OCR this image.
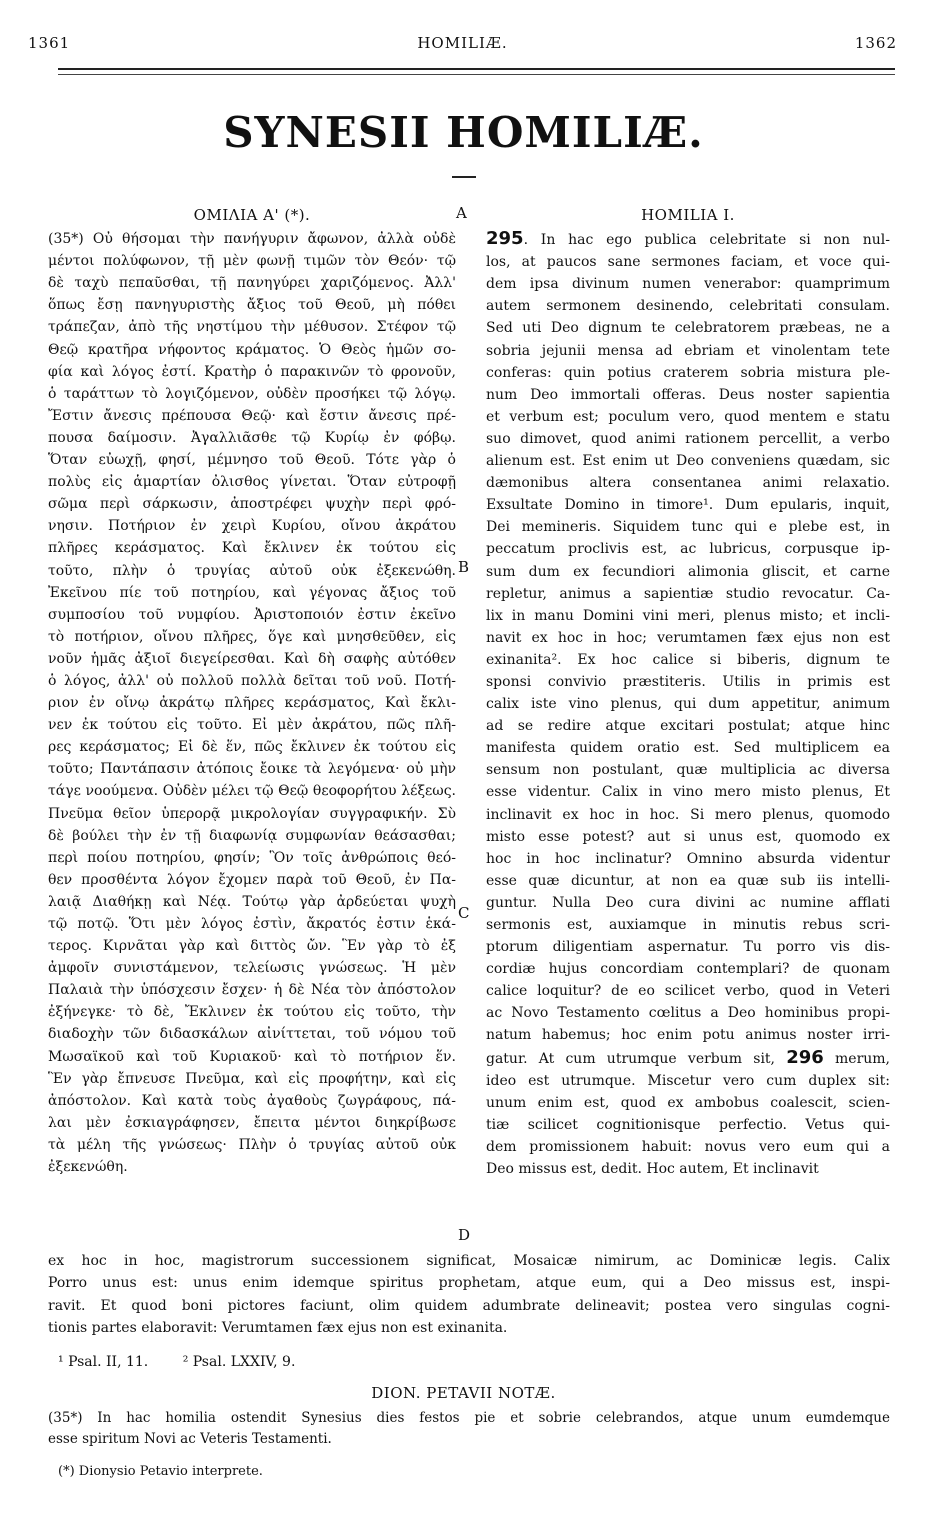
1361	HOMILIÆ.	1362
SYNESII HOMILIÆ.
ΟΜΙΛΙΑ Α' (*).
(35*) Οὐ θήσομαι τὴν πανήγυριν ἄφωνον, ἀλλὰ οὐδὲ
μέντοι πολύφωνον, τῇ μὲν φωνῇ τιμῶν τὸν Θεόν· τῷ
δὲ ταχὺ πεπαῦσθαι, τῇ πανηγύρει χαριζόμενος. Ἀλλ'
ὅπως ἔσῃ πανηγυριστὴς ἄξιος τοῦ Θεοῦ, μὴ πόθει
τράπεζαν, ἀπὸ τῆς νηστίμου τὴν μέθυσον. Στέφον τῷ
Θεῷ κρατῆρα νήφοντος κράματος. Ὁ Θεὸς ἡμῶν σο-
φία καὶ λόγος ἐστί. Κρατὴρ ὁ παρακινῶν τὸ φρονοῦν,
ὁ ταράττων τὸ λογιζόμενον, οὐδὲν προσήκει τῷ λόγῳ.
Ἔστιν ἄνεσις πρέπουσα Θεῷ· καὶ ἔστιν ἄνεσις πρέ-
πουσα δαίμοσιν. Ἀγαλλιᾶσθε τῷ Κυρίῳ ἐν φόβῳ.
Ὅταν εὐωχῇ, φησί, μέμνησο τοῦ Θεοῦ. Τότε γὰρ ὁ
πολὺς εἰς ἁμαρτίαν ὀλισθος γίνεται. Ὅταν εὐτροφῇ
σῶμα περὶ σάρκωσιν, ἀποστρέφει ψυχὴν περὶ φρό-
νησιν. Ποτήριον ἐν χειρὶ Κυρίου, οἴνου ἀκράτου
πλῆρες κεράσματος. Καὶ ἔκλινεν ἐκ τούτου εἰς
τοῦτο, πλὴν ὁ τρυγίας αὐτοῦ οὐκ ἐξεκενώθη.
Ἐκεῖνου πίε τοῦ ποτηρίου, καὶ γέγονας ἄξιος τοῦ
συμποσίου τοῦ νυμφίου. Ἀριστοποιόν ἐστιν ἐκεῖνο
τὸ ποτήριον, οἴνου πλῆρες, ὅγε καὶ μνησθεῦθεν, εἰς
νοῦν ἡμᾶς ἀξιοῖ διεγείρεσθαι. Καὶ δὴ σαφὴς αὐτόθεν
ὁ λόγος, ἀλλ' οὐ πολλοῦ πολλὰ δεῖται τοῦ νοῦ. Ποτή-
ριον ἐν οἴνῳ ἀκράτῳ πλῆρες κεράσματος, Καὶ ἔκλι-
νεν ἐκ τούτου εἰς τοῦτο. Εἰ μὲν ἀκράτου, πῶς πλῆ-
ρες κεράσματος; Εἰ δὲ ἕν, πῶς ἔκλινεν ἐκ τούτου εἰς
τοῦτο; Παντάπασιν ἀτόποις ἔοικε τὰ λεγόμενα· οὐ μὴν
τάγε νοούμενα. Οὐδὲν μέλει τῷ Θεῷ θεοφορήτου λέξεως.
Πνεῦμα θεῖον ὑπερορᾷ μικρολογίαν συγγραφικήν. Σὺ
δὲ βούλει τὴν ἐν τῇ διαφωνίᾳ συμφωνίαν θεάσασθαι;
περὶ ποίου ποτηρίου, φησίν; Ὃν τοῖς ἀνθρώποις θεό-
θεν προσθέντα λόγον ἔχομεν παρὰ τοῦ Θεοῦ, ἐν Πα-
λαιᾷ Διαθήκῃ καὶ Νέᾳ. Τούτῳ γὰρ ἀρδεύεται ψυχὴ
τῷ ποτῷ. Ὅτι μὲν λόγος ἐστὶν, ἄκρατός ἐστιν ἑκά-
τερος. Κιρνᾶται γὰρ καὶ διττὸς ὤν. Ἓν γὰρ τὸ ἐξ
ἀμφοῖν συνιστάμενον, τελείωσις γνώσεως. Ἡ μὲν
Παλαιὰ τὴν ὑπόσχεσιν ἔσχεν· ἡ δὲ Νέα τὸν ἀπόστολον
ἐξήνεγκε· τὸ δὲ, Ἔκλινεν ἐκ τούτου εἰς τοῦτο, τὴν
διαδοχὴν τῶν διδασκάλων αἰνίττεται, τοῦ νόμου τοῦ
Μωσαϊκοῦ καὶ τοῦ Κυριακοῦ· καὶ τὸ ποτήριον ἕν.
Ἓν γὰρ ἔπνευσε Πνεῦμα, καὶ εἰς προφήτην, καὶ εἰς
ἀπόστολον. Καὶ κατὰ τοὺς ἀγαθοὺς ζωγράφους, πά-
λαι μὲν ἐσκιαγράφησεν, ἔπειτα μέντοι διηκρίβωσε
τὰ μέλη τῆς γνώσεως· Πλὴν ὁ τρυγίας αὐτοῦ οὐκ
ἐξεκενώθη.
HOMILIA I.
295. In hac ego publica celebritate si non nul-
los, at paucos sane sermones faciam, et voce qui-
dem ipsa divinum numen venerabor: quamprimum
autem sermonem desinendo, celebritati consulam.
Sed uti Deo dignum te celebratorem præbeas, ne a
sobria jejunii mensa ad ebriam et vinolentam tete
conferas: quin potius craterem sobria mistura ple-
num Deo immortali offeras. Deus noster sapientia
et verbum est; poculum vero, quod mentem e statu
suo dimovet, quod animi rationem percellit, a verbo
alienum est. Est enim ut Deo conveniens quædam, sic
dæmonibus altera consentanea animi relaxatio.
Exsultate Domino in timore¹. Dum epularis, inquit,
Dei memineris. Siquidem tunc qui e plebe est, in
peccatum proclivis est, ac lubricus, corpusque ip-
sum dum ex fecundiori alimonia gliscit, et carne
repletur, animus a sapientiæ studio revocatur. Ca-
lix in manu Domini vini meri, plenus misto; et incli-
navit ex hoc in hoc; verumtamen fæx ejus non est
exinanita². Ex hoc calice si biberis, dignum te
sponsi convivio præstiteris. Utilis in primis est
calix iste vino plenus, qui dum appetitur, animum
ad se redire atque excitari postulat; atque hinc
manifesta quidem oratio est. Sed multiplicem ea
sensum non postulant, quæ multiplicia ac diversa
esse videntur. Calix in vino mero misto plenus, Et
inclinavit ex hoc in hoc. Si mero plenus, quomodo
misto esse potest? aut si unus est, quomodo ex
hoc in hoc inclinatur? Omnino absurda videntur
esse quæ dicuntur, at non ea quæ sub iis intelli-
guntur. Nulla Deo cura divini ac numine afflati
sermonis est, auxiamque in minutis rebus scri-
ptorum diligentiam aspernatur. Tu porro vis dis-
cordiæ hujus concordiam contemplari? de quonam
calice loquitur? de eo scilicet verbo, quod in Veteri
ac Novo Testamento cœlitus a Deo hominibus propi-
natum habemus; hoc enim potu animus noster irri-
gatur. At cum utrumque verbum sit, 296 merum,
ideo est utrumque. Miscetur vero cum duplex sit:
unum enim est, quod ex ambobus coalescit, scien-
tiæ scilicet cognitionisque perfectio. Vetus qui-
dem promissionem habuit: novus vero eum qui a
Deo missus est, dedit. Hoc autem, Et inclinavit
A
B
C
D
ex hoc in hoc, magistrorum successionem significat, Mosaicæ nimirum, ac Dominicæ legis. Calix
Porro unus est: unus enim idemque spiritus prophetam, atque eum, qui a Deo missus est, inspi-
ravit. Et quod boni pictores faciunt, olim quidem adumbrate delineavit; postea vero singulas cogni-
tionis partes elaboravit: Verumtamen fæx ejus non est exinanita.
¹ Psal. II, 11. ² Psal. LXXIV, 9.
DION. PETAVII NOTÆ.
(35*) In hac homilia ostendit Synesius dies festos pie et sobrie celebrandos, atque unum eumdemque
esse spiritum Novi ac Veteris Testamenti.
(*) Dionysio Petavio interprete.
